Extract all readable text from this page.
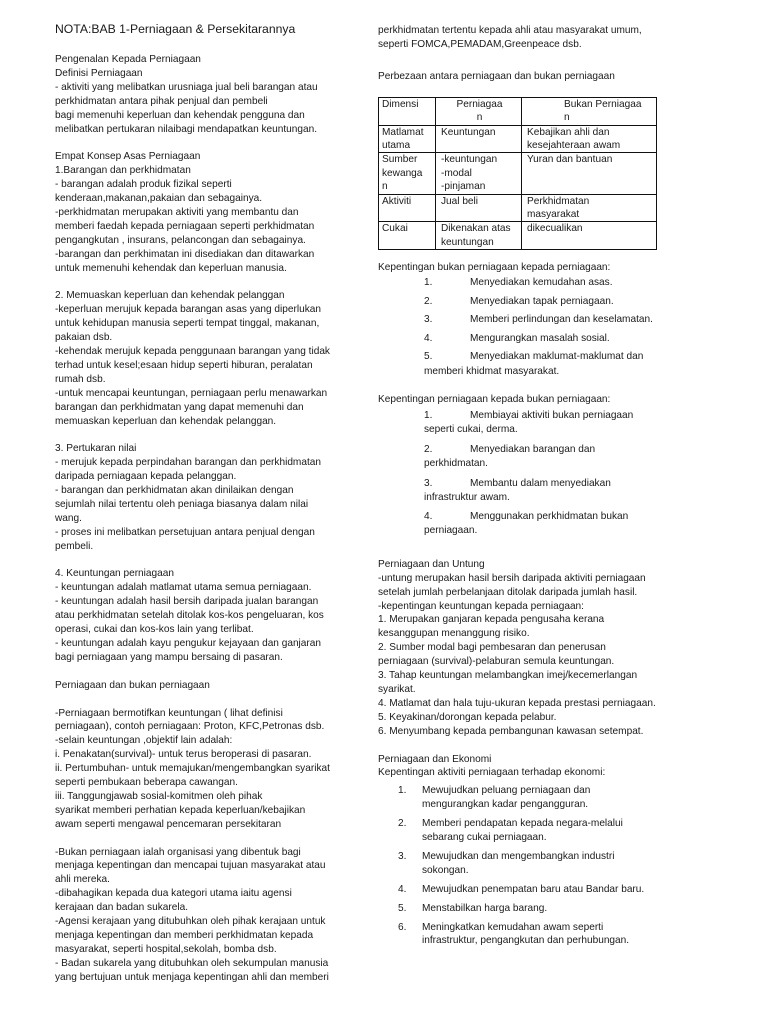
NOTA:BAB 1-Perniagaan & Persekitarannya

Pengenalan Kepada Perniagaan

Definisi Perniagaan

- aktiviti yang melibatkan urusniaga jual beli barangan atau

perkhidmatan antara pihak penjual dan pembeli

bagi memenuhi keperluan dan kehendak pengguna dan

melibatkan pertukaran nilaibagi mendapatkan keuntungan.

Empat Konsep Asas Perniagaan

1.Barangan dan perkhidmatan

- barangan adalah produk fizikal seperti

kenderaan,makanan,pakaian dan sebagainya.

-perkhidmatan merupakan aktiviti yang membantu dan

memberi faedah kepada perniagaan seperti perkhidmatan

pengangkutan , insurans, pelancongan dan sebagainya.

-barangan dan perkhimatan ini disediakan dan ditawarkan

untuk memenuhi kehendak dan keperluan manusia.

2. Memuaskan keperluan dan kehendak pelanggan

-keperluan merujuk kepada barangan asas yang diperlukan

untuk kehidupan manusia seperti tempat tinggal, makanan,

pakaian dsb.

-kehendak merujuk kepada penggunaan barangan yang tidak

terhad untuk kesel;esaan hidup seperti hiburan, peralatan

rumah dsb.

-untuk mencapai keuntungan, perniagaan perlu menawarkan

barangan dan perkhidmatan yang dapat memenuhi dan

memuaskan keperluan dan kehendak pelanggan.

3. Pertukaran nilai

- merujuk kepada perpindahan barangan dan perkhidmatan

daripada perniagaan kepada pelanggan.

- barangan dan perkhidmatan akan dinilaikan dengan

sejumlah nilai tertentu oleh peniaga biasanya dalam nilai

wang.

- proses ini melibatkan persetujuan antara penjual dengan

pembeli.

4. Keuntungan perniagaan

- keuntungan adalah matlamat utama semua perniagaan.

- keuntungan adalah hasil bersih daripada jualan barangan

atau perkhidmatan setelah ditolak kos-kos pengeluaran, kos

operasi, cukai dan kos-kos lain yang terlibat.

- keuntungan adalah kayu pengukur kejayaan dan ganjaran

bagi perniagaan yang mampu bersaing di pasaran.

Perniagaan dan bukan perniagaan

-Perniagaan bermotifkan keuntungan ( lihat definisi

perniagaan), contoh perniagaan: Proton, KFC,Petronas dsb.

-selain keuntungan ,objektif lain adalah:

i. Penakatan(survival)- untuk terus beroperasi di pasaran.

ii. Pertumbuhan- untuk memajukan/mengembangkan syarikat

seperti pembukaan beberapa cawangan.

iii. Tanggungjawab sosial-komitmen oleh pihak

syarikat memberi perhatian kepada keperluan/kebajikan

awam seperti mengawal pencemaran persekitaran

-Bukan perniagaan ialah organisasi yang dibentuk bagi

menjaga kepentingan dan mencapai tujuan masyarakat atau

ahli mereka.

-dibahagikan kepada dua kategori utama iaitu agensi

kerajaan dan badan sukarela.

-Agensi kerajaan yang ditubuhkan oleh pihak kerajaan untuk

menjaga kepentingan dan memberi perkhidmatan kepada

masyarakat, seperti hospital,sekolah, bomba dsb.

- Badan sukarela yang ditubuhkan oleh sekumpulan manusia

yang bertujuan untuk menjaga kepentingan ahli dan memberi

perkhidmatan tertentu kepada ahli atau masyarakat umum,

seperti FOMCA,PEMADAM,Greenpeace dsb.

Perbezaan antara perniagaan dan bukan perniagaan

Dimensi	Perniagaa
n	Bukan Perniagaa
n
Matlamat
utama	Keuntungan	Kebajikan ahli dan
kesejahteraan awam
Sumber
kewanga
n	-keuntungan
-modal
-pinjaman	Yuran dan bantuan
Aktiviti	Jual beli	Perkhidmatan
masyarakat
Cukai	Dikenakan atas
keuntungan	dikecualikan

Kepentingan bukan perniagaan kepada perniagaan:

1.	Menyediakan kemudahan asas.
2.	Menyediakan tapak perniagaan.
3.	Memberi perlindungan dan keselamatan.
4.	Mengurangkan masalah sosial.
5.	Menyediakan maklumat-maklumat dan
memberi khidmat masyarakat.

Kepentingan perniagaan kepada bukan perniagaan:

1.	Membiayai aktiviti bukan perniagaan seperti cukai, derma.
2.	Menyediakan barangan dan perkhidmatan.
3.	Membantu dalam menyediakan infrastruktur awam.
4.	Menggunakan perkhidmatan bukan perniagaan.

Perniagaan dan Untung

-untung merupakan hasil bersih daripada aktiviti perniagaan

setelah jumlah perbelanjaan ditolak daripada jumlah hasil.

-kepentingan keuntungan kepada perniagaan:

1. Merupakan ganjaran kepada pengusaha kerana

kesanggupan menanggung risiko.

2. Sumber modal bagi pembesaran dan penerusan

perniagaan (survival)-pelaburan semula keuntungan.

3. Tahap keuntungan melambangkan imej/kecemerlangan

syarikat.

4. Matlamat dan hala tuju-ukuran kepada prestasi perniagaan.

5. Keyakinan/dorongan kepada pelabur.

6. Menyumbang kepada pembangunan kawasan setempat.

Perniagaan dan Ekonomi

Kepentingan aktiviti perniagaan terhadap ekonomi:

1.	Mewujudkan peluang perniagaan dan mengurangkan kadar pengangguran.
2.	Memberi pendapatan kepada negara-melalui sebarang cukai perniagaan.
3.	Mewujudkan dan mengembangkan industri sokongan.
4.	Mewujudkan penempatan baru atau Bandar baru.
5.	Menstabilkan harga barang.
6.	Meningkatkan kemudahan awam seperti infrastruktur, pengangkutan dan perhubungan.
